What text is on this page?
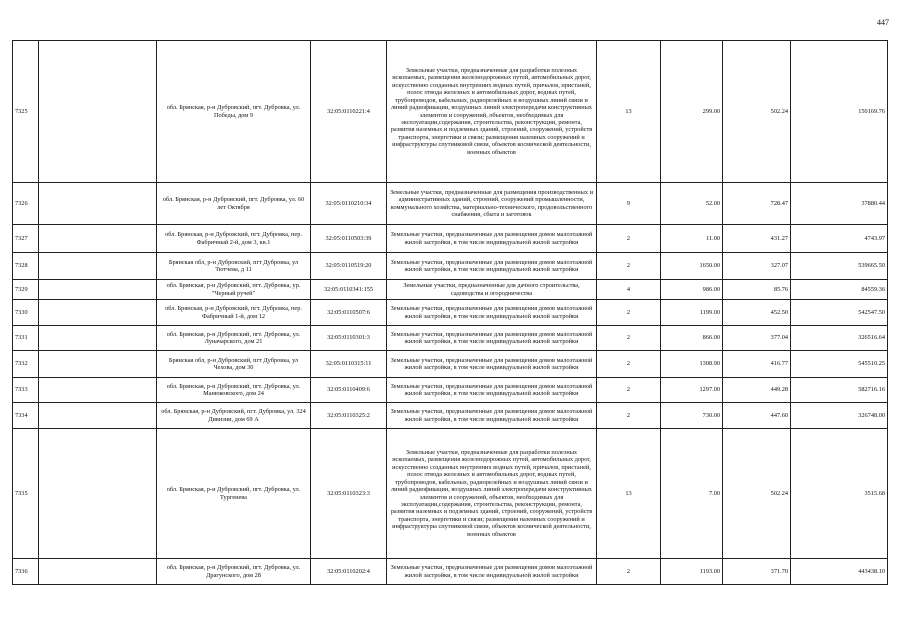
447
7325		обл. Брянская, р-н Дубровский, пгт. Дубровка, ул. Победы, дом 9	32:05:0110221:4	Земельные участки, предназначенные для разработки полезных ископаемых, размещения железнодорожных путей, автомобильных дорог, искусственно созданных внутренних водных путей, причалов, пристаней, полос отвода железных и автомобильных дорог, водных путей, трубопроводов, кабельных, радиорелейных и воздушных линий связи и линий радиофикации, воздушных линий электропередачи конструктивных элементов и сооружений, объектов, необходимых для эксплуатации,содержания, строительства, реконструкции, ремонта, развития наземных и подземных зданий, строений, сооружений, устройств транспорта, энергетики и связи; размещения наземных сооружений и инфраструктуры спутниковой связи, объектов космической деятельности, военных объектов	13	299.00	502.24	150169.76
7326		обл. Брянская, р-н Дубровский, пгт. Дубровка, ул. 60 лет Октября	32:05:0110210:34	Земельные участки, предназначенные для размещения производственных и административных зданий, строений, сооружений промышленности, коммунального хозяйства, материально-технического, продовольственного снабжения, сбыта и заготовок	9	52.00	728.47	37880.44
7327		обл. Брянская, р-н Дубровский, пгт. Дубровка, пер. Фабричный 2-й, дом 3, кв.1	32:05:0110503:39	Земельные участки, предназначенные для размещения домов малоэтажной жилой застройки, в том числе индивидуальной жилой застройки	2	11.00	431.27	4743.97
7328		Брянская обл, р-н Дубровский, пгт Дубровка, ул Тютчева, д 11	32:05:0110519:20	Земельные участки, предназначенные для размещения домов малоэтажной жилой застройки, в том числе индивидуальной жилой застройки	2	1650.00	327.07	539665.50
7329		обл. Брянская, р-н Дубровский, пгт. Дубровка, ур. "Черный ручей"	32:05:0110341:155	Земельные участки, предназначенные для дачного строительства, садоводства и огородничества	4	986.00	85.76	84559.36
7330		обл. Брянская, р-н Дубровский, пгт. Дубровка, пер. Фабричный 1-й, дом 12	32:05:0110507:6	Земельные участки, предназначенные для размещения домов малоэтажной жилой застройки, в том числе индивидуальной жилой застройки	2	1199.00	452.50	542547.50
7331		обл. Брянская, р-н Дубровский, пгт. Дубровка, ул. Луначарского, дом 21	32:05:0110301:3	Земельные участки, предназначенные для размещения домов малоэтажной жилой застройки, в том числе индивидуальной жилой застройки	2	866.00	377.04	326516.64
7332		Брянская обл, р-н Дубровский, пгт Дубровка, ул Чехова, дом 30	32:05:0110315:11	Земельные участки, предназначенные для размещения домов малоэтажной жилой застройки, в том числе индивидуальной жилой застройки	2	1308.90	416.77	545510.25
7333		обл. Брянская, р-н Дубровский, пгт. Дубровка, ул. Манюковского, дом 24	32:05:0110409:6	Земельные участки, предназначенные для размещения домов малоэтажной жилой застройки, в том числе индивидуальной жилой застройки	2	1297.00	449.28	582716.16
7334		обл. Брянская, р-н Дубровский, пгт. Дубровка, ул. 324 Дивизии, дом 69 А	32:05:0110325:2	Земельные участки, предназначенные для размещения домов малоэтажной жилой застройки, в том числе индивидуальной жилой застройки	2	730.00	447.60	326748.00
7335		обл. Брянская, р-н Дубровский, пгт. Дубровка, ул. Тургенева	32:05:0110323:3	Земельные участки, предназначенные для разработки полезных ископаемых, размещения железнодорожных путей, автомобильных дорог, искусственно созданных внутренних водных путей, причалов, пристаней, полос отвода железных и автомобильных дорог, водных путей, трубопроводов, кабельных, радиорелейных и воздушных линий связи и линий радиофикации, воздушных линий электропередачи конструктивных элементов и сооружений, объектов, необходимых для эксплуатации,содержания, строительства, реконструкции, ремонта, развития наземных и подземных зданий, строений, сооружений, устройств транспорта, энергетики и связи; размещения наземных сооружений и инфраструктуры спутниковой связи, объектов космической деятельности, военных объектов	13	7.00	502.24	3515.68
7336		обл. Брянская, р-н Дубровский, пгт. Дубровка, ул. Драгунского, дом 28	32:05:0110202:4	Земельные участки, предназначенные для размещения домов малоэтажной жилой застройки, в том числе индивидуальной жилой застройки	2	1193.00	371.70	443438.10
